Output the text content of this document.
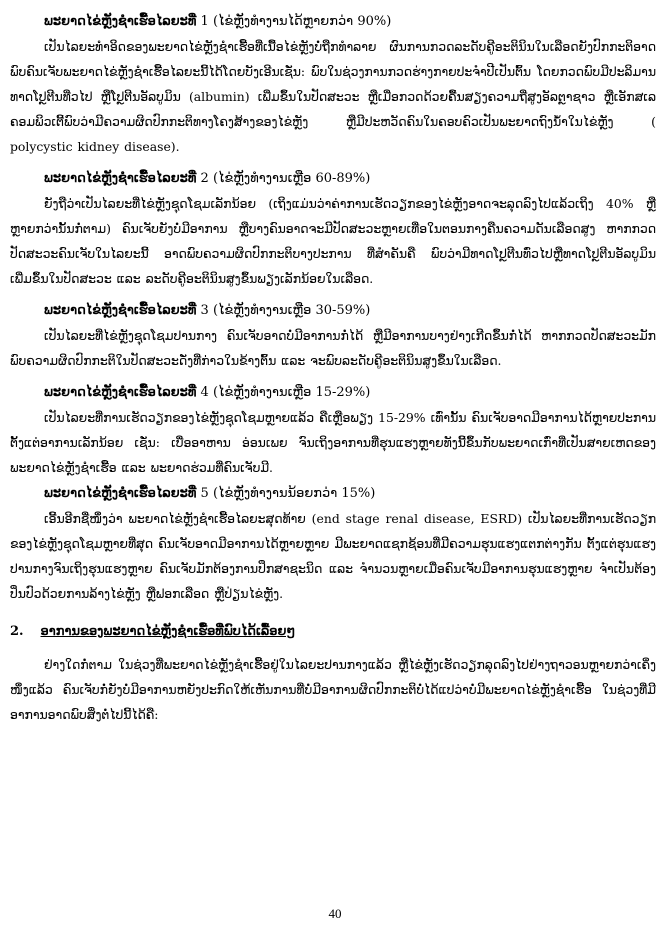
ພະຍາດໄຂ່ຫຼັງຊໍາເຮື້ອໄລຍະທີ່ 1 (ໄຂ່ຫຼັງທໍາງານໄດ້ຫຼາຍກວ່າ 90%)

ເປັນໄລຍະທໍາອິດຂອງພະຍາດໄຂ່ຫຼັງຊໍາເຮື້ອທີ່ເນື້ອໄຂ່ຫຼັງບໍ່ຖືກທໍາລາຍ ຜົນການກວດລະດັບຄູີອະຕິນິນໃນເລືອດຍັງປົກກະຕິອາດພົບຄົນເຈັບພະຍາດໄຂ່ຫຼັງຊໍາເຮື້ອໄລຍະນີ້ໄດ້ໂດຍບັງເອີນເຊັ່ນ: ພົບໃນຊ່ວງການກວດຮ່າງກາຍປະຈໍາປີເປັນຕົ້ນ ໂດຍກວດພົບມີປະລິມານທາດໂປຼຕີນທີ່ວໄປ ຫຼືໂປຼຕີນອັລບູມິນ (albumin) ເພີ່ມຂຶ້ນໃນປັດສະວະ ຫຼືເມື່ອກວດດ້ວຍຄື້ນສຽງຄວາມຖີ່ສູງອັລຕຼາຊາວ ຫຼືເອັກສເລຄອມພິວເຕີ້ພົບວ່າມີຄວາມຜິດປົກກະຕິທາງໂຄງສ້າງຂອງໄຂ່ຫຼັງ ຫຼືມີປະຫວັດຄົນໃນຄອບຄົວເປັນພະຍາດຖົງນ້ໍາໃນໄຂ່ຫຼັງ ( polycystic kidney disease).

ພະຍາດໄຂ່ຫຼັງຊໍາເຮື້ອໄລຍະທີ່ 2 (ໄຂ່ຫຼັງທໍາງານເຫຼືອ 60-89%)

ຍັງຖືວ່າເປັນໄລຍະທີ່ໄຂ່ຫຼັງຊຸດໂຊມເລັກນ້ອຍ (ເຖິງແມ່ນວ່າຄ່າການເຮັດວຽກຂອງໄຂ່ຫຼັງອາດຈະລຸດລົງໄປແລ້ວເຖິງ 40% ຫຼືຫຼາຍກວ່ານັ້ນກໍ່ຕາມ) ຄົນເຈັບຍັງບໍ່ມີອາການ ຫຼືບາງຄົນອາດຈະມີປັດສະວະຫຼາຍເທື່ອໃນຕອນກາງຄືນຄວາມດັນເລືອດສູງ ຫາກກວດປັດສະວະຄົນເຈັບໃນໄລຍະນີ້ ອາດພົບຄວາມຜິດປົກກະຕິບາງປະການ ທີ່ສໍາຄັນຄື ພົບວ່າມີທາດໂປຼຕີນທົ່ວໄປຫຼືທາດໂປຼຕີນອັລບູມິນເພີ່ມຂຶ້ນໃນປັດສະວະ ແລະ ລະດັບຄູີອະຕິນິນສູງຂຶ້ນພຽງເລັກນ້ອຍໃນເລືອດ.

ພະຍາດໄຂ່ຫຼັງຊໍາເຮື້ອໄລຍະທີ່ 3 (ໄຂ່ຫຼັງທໍາງານເຫຼືອ 30-59%)

ເປັນໄລຍະທີ່ໄຂ່ຫຼັງຊຸດໂຊມປານກາງ ຄົນເຈັບອາດບໍ່ມີອາການກໍ່ໄດ້ ຫຼືມີອາການບາງຢ່າງເກີດຂຶ້ນກໍ່ໄດ້ ຫາກກວດປັດສະວະມັກພົບຄວາມຜິດປົກກະຕິໃນປັດສະວະດັ່ງທີ່ກ່າວໃນຂ້າງຕົ້ນ ແລະ ຈະພົບລະດັບຄູີອະຕິນິນສູງຂຶ້ນໃນເລືອດ.

ພະຍາດໄຂ່ຫຼັງຊໍາເຮື້ອໄລຍະທີ່ 4 (ໄຂ່ຫຼັງທໍາງານເຫຼືອ 15-29%)

ເປັນໄລຍະທີ່ການເຮັດວຽກຂອງໄຂ່ຫຼັງຊຸດໂຊມຫຼາຍແລ້ວ ຄືເຫຼືອພຽງ 15-29% ເທົ່ານັ້ນ ຄົນເຈັບອາດມີອາການໄດ້ຫຼາຍປະການ ຕັ້ງແຕ່ອາການເລັກນ້ອຍ ເຊັ່ນ: ເບື່ອອາຫານ ອ່ອນເພຍ ຈົນເຖິງອາການທີ່ຮຸນແຮງຫຼາຍທັງນີ້ຂຶ້ນກັບພະຍາດເກົ່າທີ່ເປັນສາຍເຫດຂອງພະຍາດໄຂ່ຫຼັງຊໍາເຮື້ອ ແລະ ພະຍາດຮ່ວມທີ່ຄົນເຈັບມີ.

ພະຍາດໄຂ່ຫຼັງຊໍາເຮື້ອໄລຍະທີ່ 5 (ໄຂ່ຫຼັງທໍາງານນ້ອຍກວ່າ 15%)

ເອີ້ນອີກຊື່ໜຶ່ງວ່າ ພະຍາດໄຂ່ຫຼັງຊໍາເຮື້ອໄລຍະສຸດທ້າຍ (end stage renal disease, ESRD) ເປັນໄລຍະທີ່ການເຮັດວຽກຂອງໄຂ່ຫຼັງຊຸດໂຊມຫຼາຍທີ່ສຸດ ຄົນເຈັບອາດມີອາການໄດ້ຫຼາຍຫຼາຍ ມີພະຍາດແຊກຊ້ອນທີ່ມີຄວາມຮຸນແຮງແຕກຕ່າງກັນ ຕັ້ງແຕ່ຮຸນແຮງປານກາງຈົນເຖິງຮຸນແຮງຫຼາຍ ຄົນເຈັບມັກຕ້ອງການປຶກສາຊະນິດ ແລະ ຈໍານວນຫຼາຍເມື່ອຄົນເຈັບມີອາການຮຸນແຮງຫຼາຍ ຈໍາເປັນຕ້ອງປິ່ນປົວດ້ວຍການລ້າງໄຂ່ຫຼັງ ຫຼືຟອກເລືອດ ຫຼືປ່ຽນໄຂ່ຫຼັງ.

2. ອາການຂອງພະຍາດໄຂ່ຫຼັງຊໍາເຮື້ອທີ່ພົບໄດ້ເລື້ອຍໆ

ຢ່າງໃດກໍ່ຕາມ ໃນຊ່ວງທີ່ພະຍາດໄຂ່ຫຼັງຊໍາເຮື້ອຢູ່ໃນໄລຍະປານກາງແລ້ວ ຫຼືໄຂ່ຫຼັງເຮັດວຽກລຸດລົງໄປຢ່າງຖາວອນຫຼາຍກວ່າເຄິ່ງໜຶ່ງແລ້ວ ຄົນເຈັບກໍ່ຍັງບໍ່ມີອາການຫຍັງປະກົດໃຫ້ເຫັນການທີ່ບໍ່ມີອາການຜິດປົກກະຕິບໍ່ໄດ້ແປວ່າບໍ່ມີພະຍາດໄຂ່ຫຼັງຊໍາເຮື້ອ ໃນຊ່ວງທີ່ມີອາການອາດພົບສິ່ງຕໍ່ໄປນີ້ໄດ້ຄື:

40
